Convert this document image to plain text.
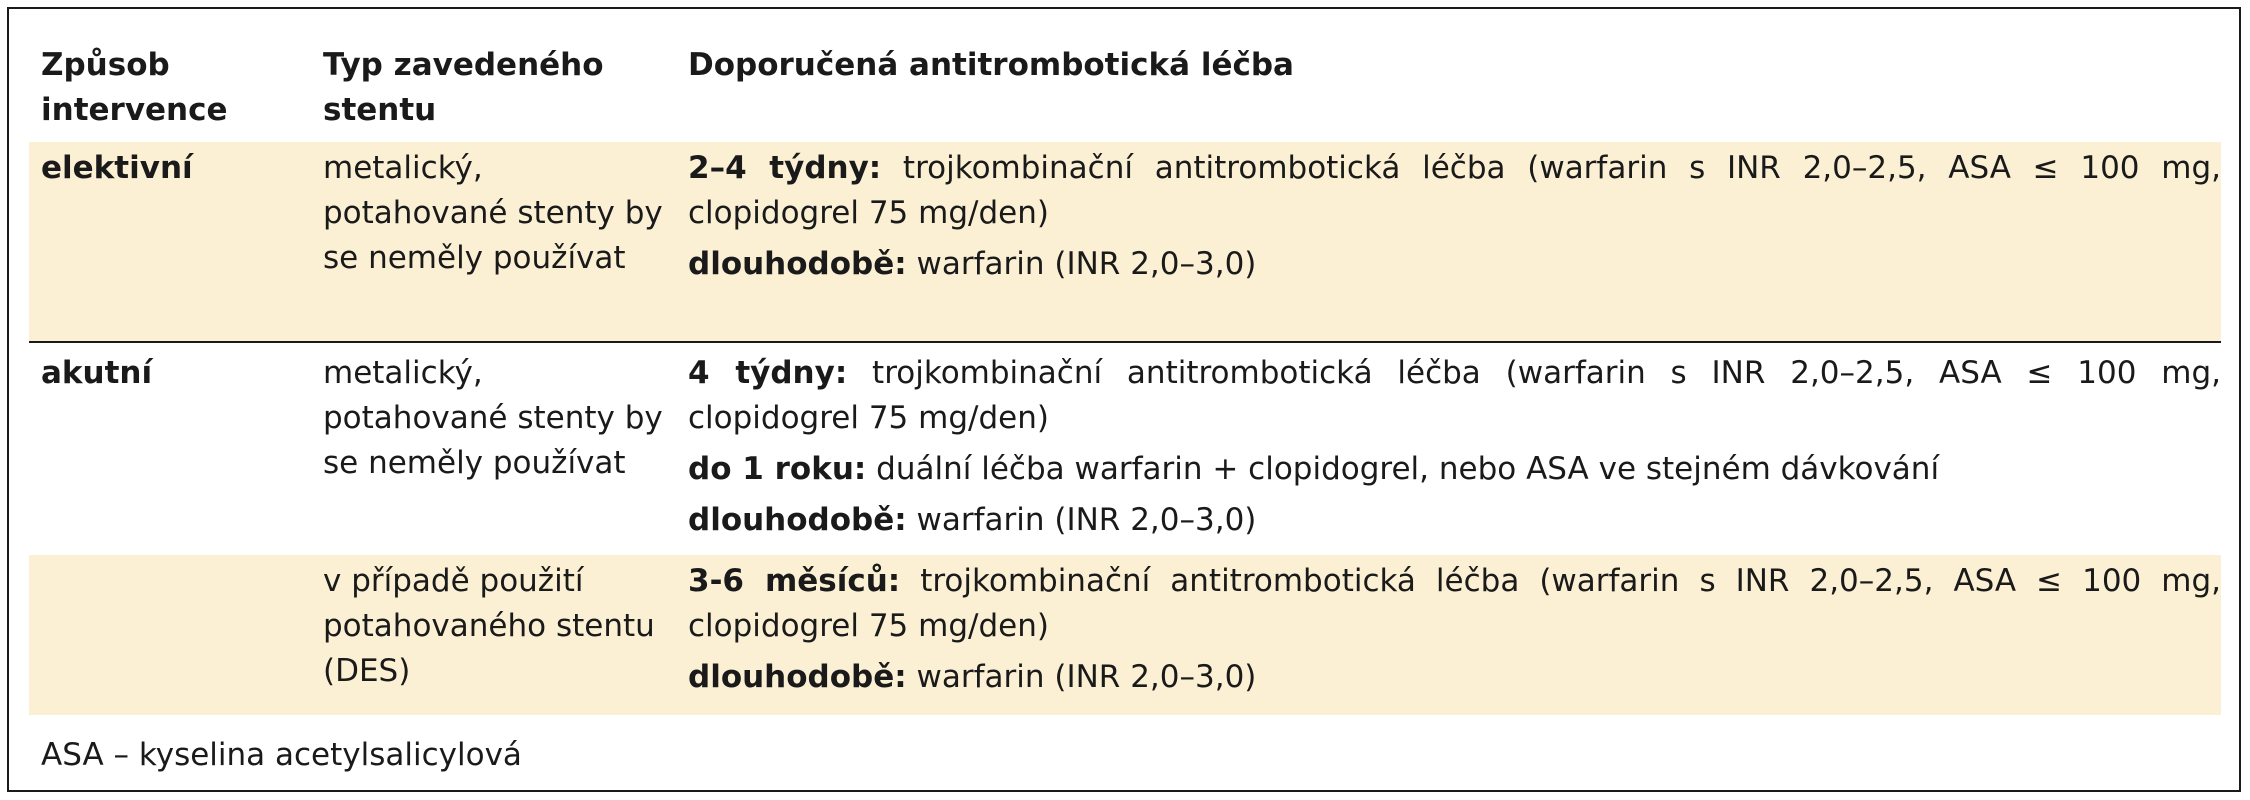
Způsob intervence	Typ zavedeného stentu	Doporučená antitrombotická léčba
elektivní	metalický, potahované stenty by se neměly používat	2–4 týdny: trojkombinační antitrombotická léčba (warfarin s INR 2,0–2,5, ASA ≤ 100 mg, clopidogrel 75 mg/den)
dlouhodobě: warfarin (INR 2,0–3,0)

akutní	metalický, potahované stenty by se neměly používat	4 týdny: trojkombinační antitrombotická léčba (warfarin s INR 2,0–2,5, ASA ≤ 100 mg, clopidogrel 75 mg/den)
do 1 roku: duální léčba warfarin + clopidogrel, nebo ASA ve stejném dávkování
dlouhodobě: warfarin (INR 2,0–3,0)

	v případě použití potahovaného stentu (DES)	3-6 měsíců: trojkombinační antitrombotická léčba (warfarin s INR 2,0–2,5, ASA ≤ 100 mg, clopidogrel 75 mg/den)
dlouhodobě: warfarin (INR 2,0–3,0)
ASA – kyselina acetylsalicylová
